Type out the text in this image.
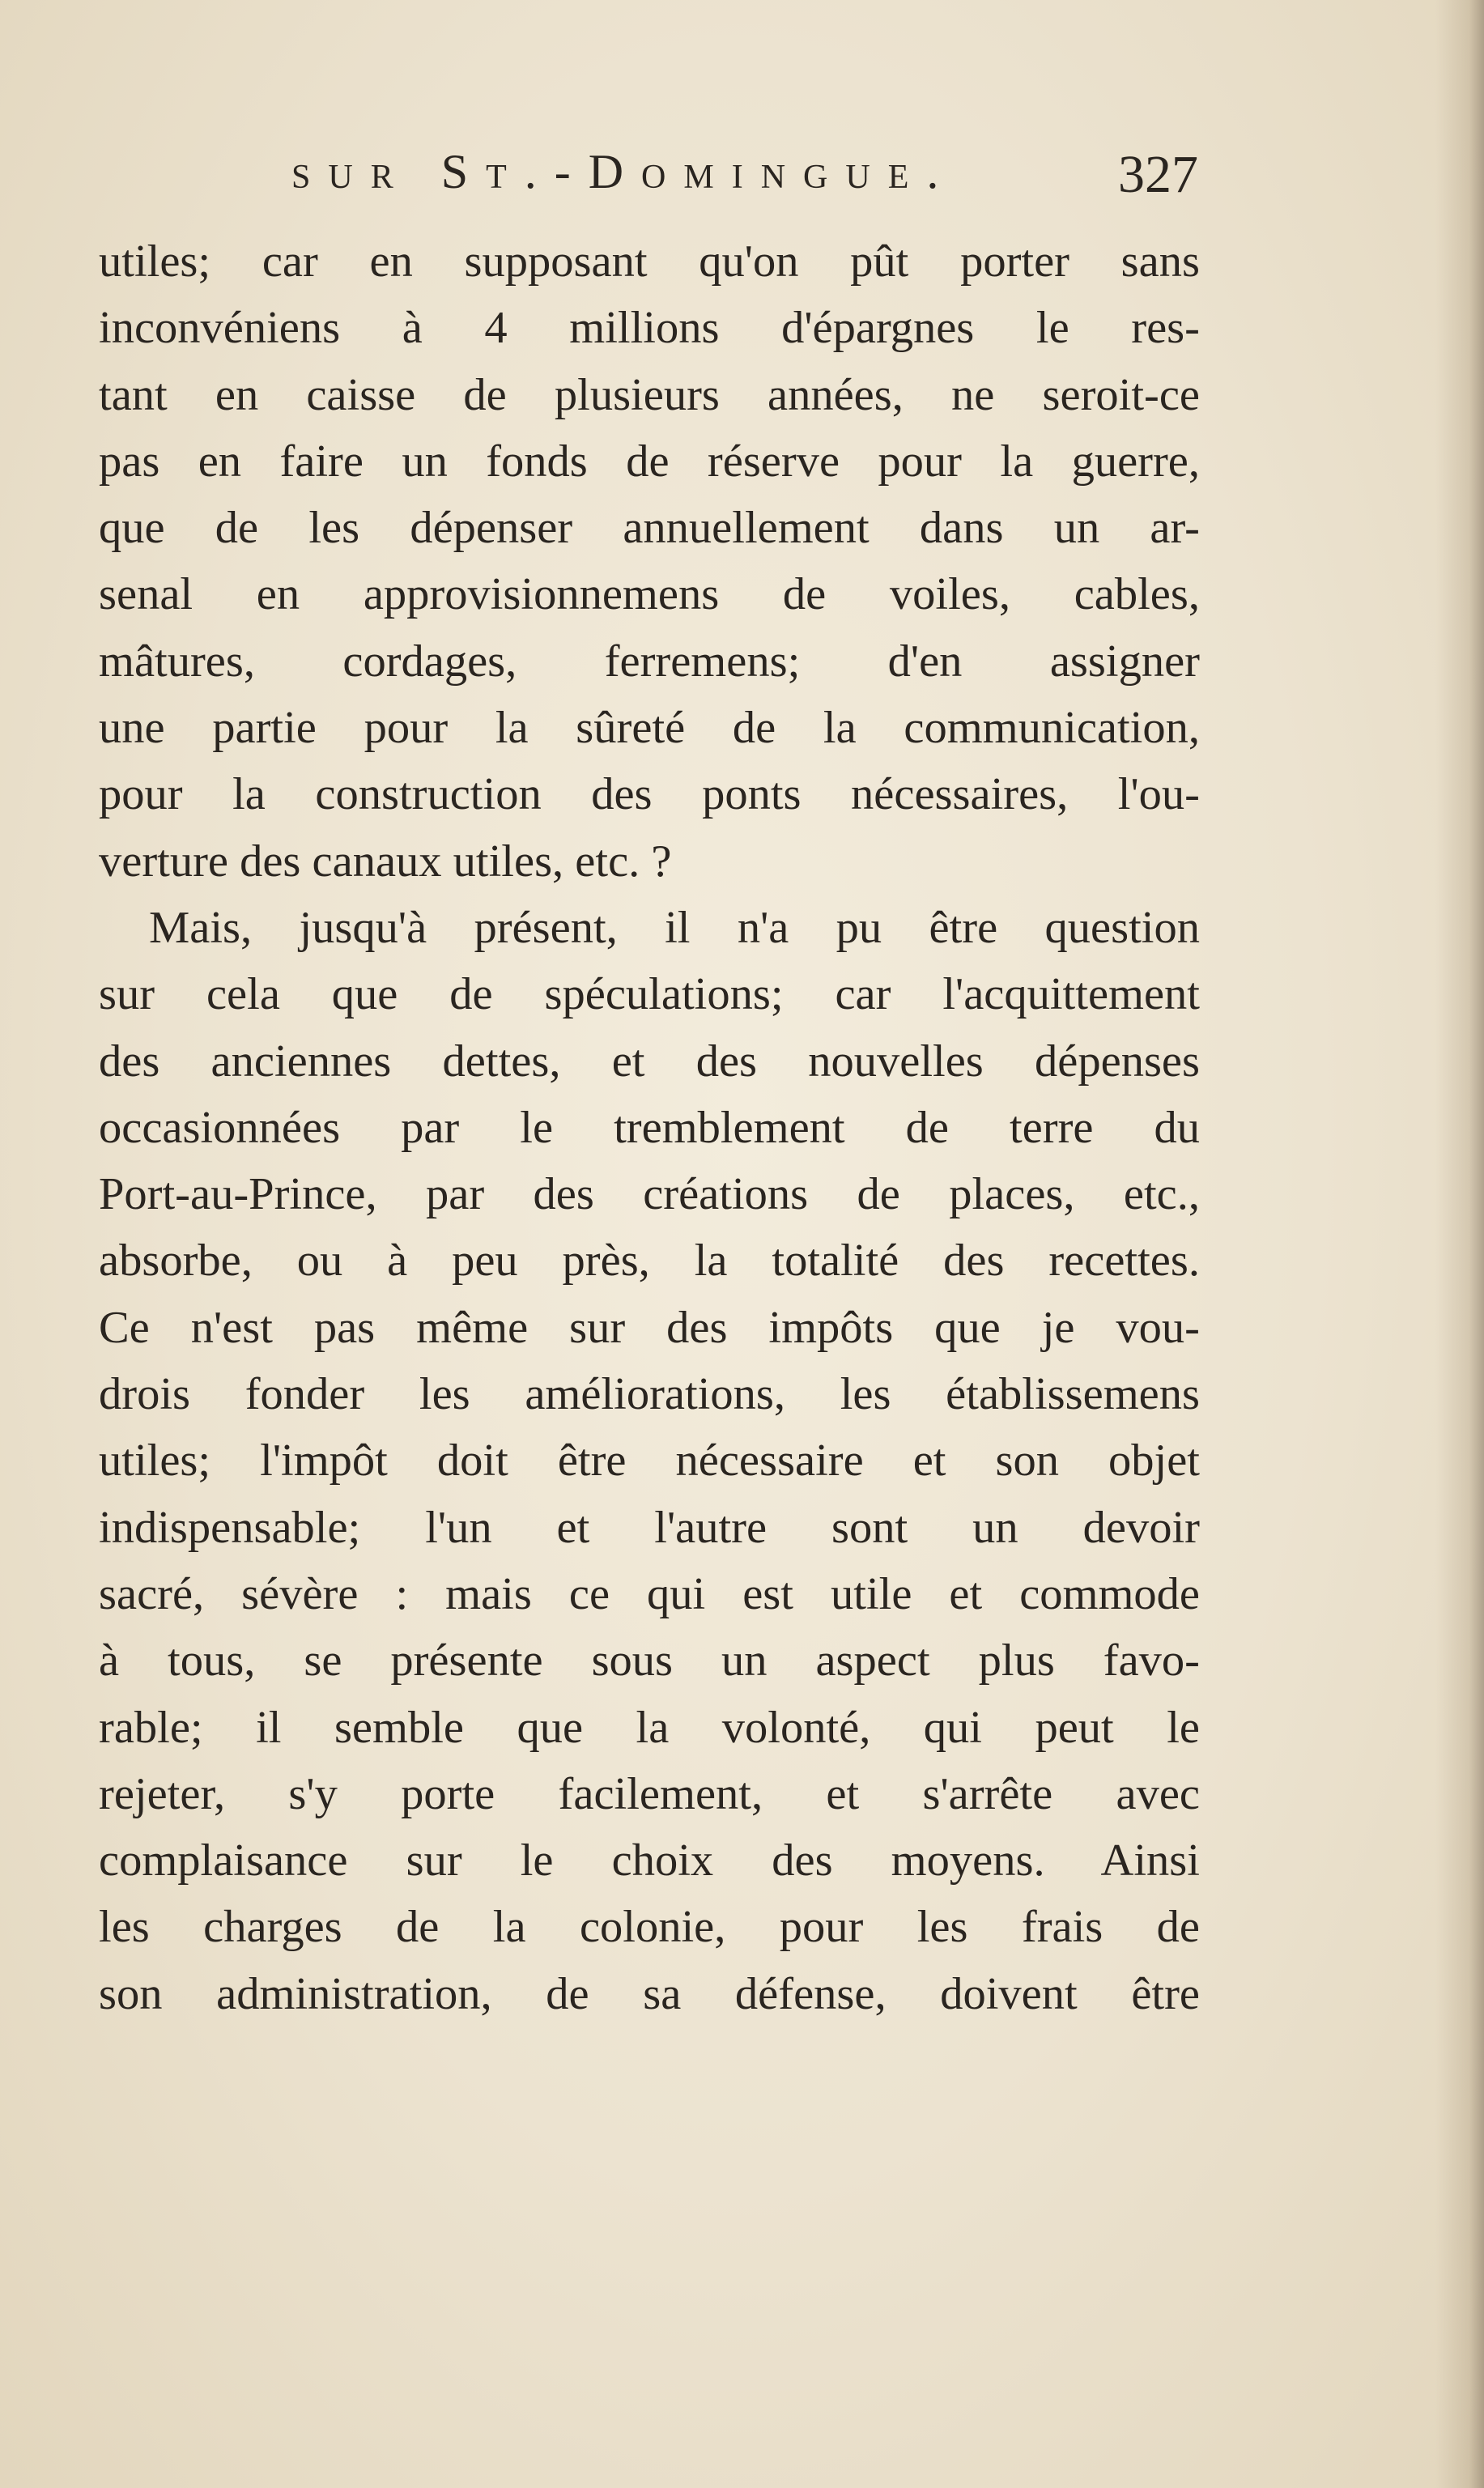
sur St.-Domingue.	327
utiles; car en supposant qu'on pût porter sans
inconvéniens à 4 millions d'épargnes le res-
tant en caisse de plusieurs années, ne seroit-ce
pas en faire un fonds de réserve pour la guerre,
que de les dépenser annuellement dans un ar-
senal en approvisionnemens de voiles, cables,
mâtures, cordages, ferremens; d'en assigner
une partie pour la sûreté de la communication,
pour la construction des ponts nécessaires, l'ou-
verture des canaux utiles, etc. ?
Mais, jusqu'à présent, il n'a pu être question
sur cela que de spéculations; car l'acquittement
des anciennes dettes, et des nouvelles dépenses
occasionnées par le tremblement de terre du
Port-au-Prince, par des créations de places, etc.,
absorbe, ou à peu près, la totalité des recettes.
Ce n'est pas même sur des impôts que je vou-
drois fonder les améliorations, les établissemens
utiles; l'impôt doit être nécessaire et son objet
indispensable; l'un et l'autre sont un devoir
sacré, sévère : mais ce qui est utile et commode
à tous, se présente sous un aspect plus favo-
rable; il semble que la volonté, qui peut le
rejeter, s'y porte facilement, et s'arrête avec
complaisance sur le choix des moyens. Ainsi
les charges de la colonie, pour les frais de
son administration, de sa défense, doivent être
